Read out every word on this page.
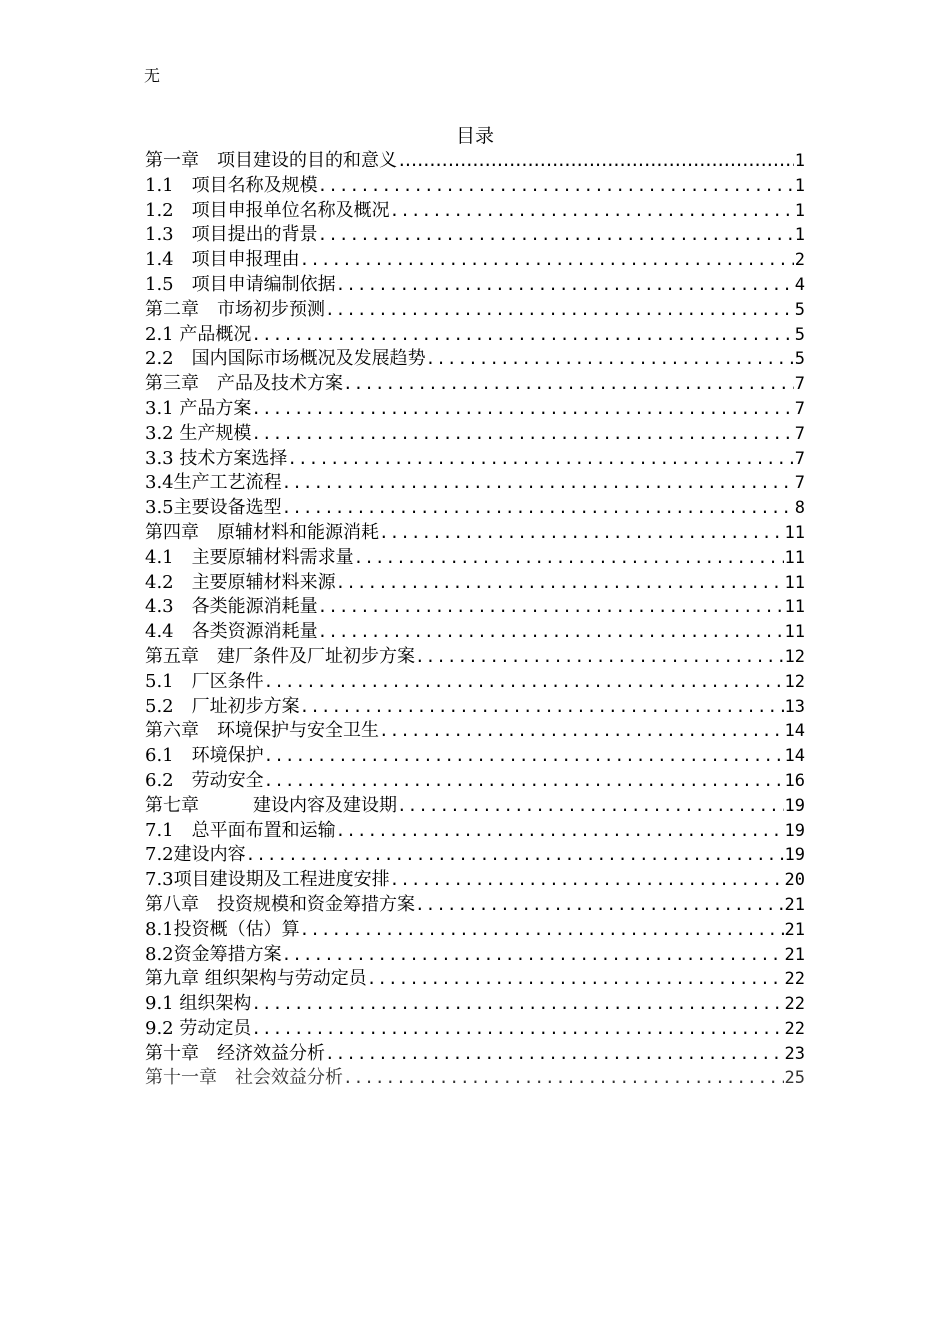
无
目录
第一章　项目建设的目的和意义 .....	1
1.1　项目名称及规模 .....	1
1.2　项目申报单位名称及概况 .....	1
1.3　项目提出的背景 .....	1
1.4　项目申报理由 .....	2
1.5　项目申请编制依据 .....	4
第二章　市场初步预测 .....	5
2.1 产品概况 .....	5
2.2　国内国际市场概况及发展趋势 .....	5
第三章　产品及技术方案 .....	7
3.1 产品方案 .....	7
3.2 生产规模 .....	7
3.3 技术方案选择 .....	7
3.4生产工艺流程 .....	7
3.5主要设备选型 .....	8
第四章　原辅材料和能源消耗 .....	11
4.1　主要原辅材料需求量 .....	11
4.2　主要原辅材料来源 .....	11
4.3　各类能源消耗量 .....	11
4.4　各类资源消耗量 .....	11
第五章　建厂条件及厂址初步方案 .....	12
5.1　厂区条件 .....	12
5.2　厂址初步方案 .....	13
第六章　环境保护与安全卫生 .....	14
6.1　环境保护 .....	14
6.2　劳动安全 .....	16
第七章　　　建设内容及建设期 .....	19
7.1　总平面布置和运输 .....	19
7.2建设内容 .....	19
7.3项目建设期及工程进度安排 .....	20
第八章　投资规模和资金筹措方案 .....	21
8.1投资概（估）算 .....	21
8.2资金筹措方案 .....	21
第九章 组织架构与劳动定员 .....	22
9.1 组织架构 .....	22
9.2 劳动定员 .....	22
第十章　经济效益分析 .....	23
第十一章　社会效益分析 .....	25
